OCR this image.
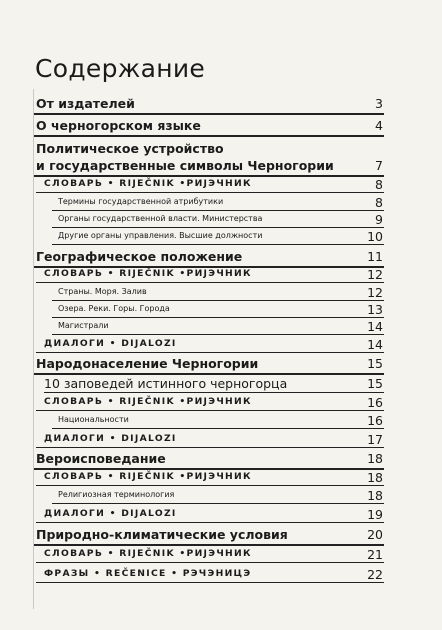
Содержание
От издателей	3
О черногорском языке	4
Политическое устройство
и государственные символы Черногории	7
СЛОВАРЬ • RIJEČNIK •РИЈЭЧНИК	8
Термины государственной атрибутики	8
Органы государственной власти. Министерства	9
Другие органы управления. Высшие должности	10
Географическое положение	11
СЛОВАРЬ • RIJEČNIK •РИЈЭЧНИК	12
Страны. Моря. Залив	12
Озера. Реки. Горы. Города	13
Магистрали	14
ДИАЛОГИ • DIJALOZI	14
Народонаселение Черногории	15
10 заповедей истинного черногорца	15
СЛОВАРЬ • RIJEČNIK •РИЈЭЧНИК	16
Национальности	16
ДИАЛОГИ • DIJALOZI	17
Вероисповедание	18
СЛОВАРЬ • RIJEČNIK •РИЈЭЧНИК	18
Религиозная терминология	18
ДИАЛОГИ • DIJALOZI	19
Природно-климатические условия	20
СЛОВАРЬ • RIJEČNIK •РИЈЭЧНИК	21
ФРАЗЫ • REČENICE • РЭЧЭНИЦЭ	22
